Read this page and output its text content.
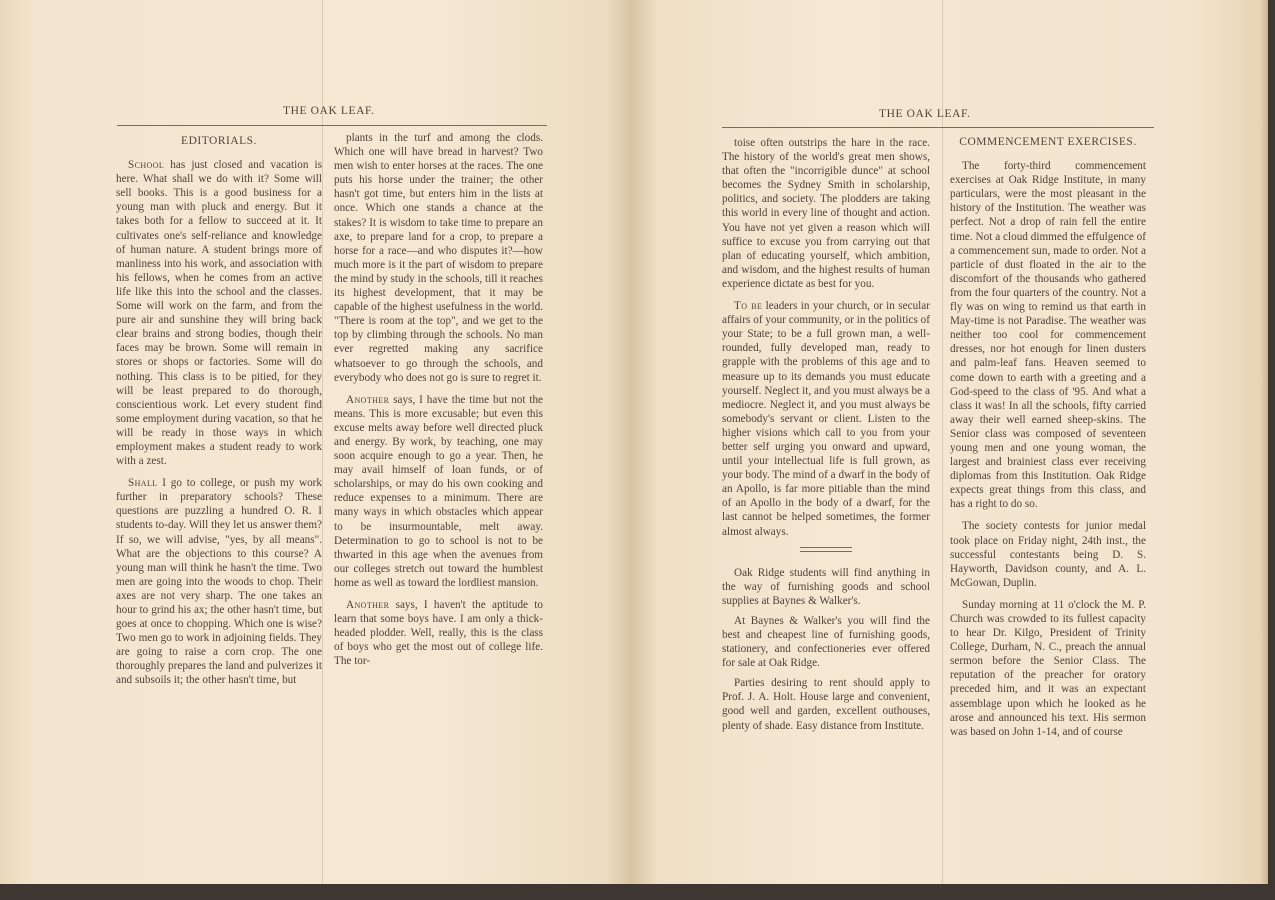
THE OAK LEAF.
EDITORIALS.

School has just closed and vacation is here. What shall we do with it? Some will sell books. This is a good business for a young man with pluck and energy. But it takes both for a fellow to succeed at it. It cultivates one's self-reliance and knowledge of human nature. A student brings more of manliness into his work, and association with his fellows, when he comes from an active life like this into the school and the classes. Some will work on the farm, and from the pure air and sunshine they will bring back clear brains and strong bodies, though their faces may be brown. Some will remain in stores or shops or factories. Some will do nothing. This class is to be pitied, for they will be least prepared to do thorough, conscientious work. Let every student find some employment during vacation, so that he will be ready in those ways in which employment makes a student ready to work with a zest.

Shall I go to college, or push my work further in preparatory schools? These questions are puzzling a hundred O. R. I students to-day. Will they let us answer them? If so, we will advise, "yes, by all means". What are the objections to this course? A young man will think he hasn't the time. Two men are going into the woods to chop. Their axes are not very sharp. The one takes an hour to grind his ax; the other hasn't time, but goes at once to chopping. Which one is wise? Two men go to work in adjoining fields. They are going to raise a corn crop. The one thoroughly prepares the land and pulverizes it and subsoils it; the other hasn't time, but

plants in the turf and among the clods. Which one will have bread in harvest? Two men wish to enter horses at the races. The one puts his horse under the trainer; the other hasn't got time, but enters him in the lists at once. Which one stands a chance at the stakes? It is wisdom to take time to prepare an axe, to prepare land for a crop, to prepare a horse for a race—and who disputes it?—how much more is it the part of wisdom to prepare the mind by study in the schools, till it reaches its highest development, that it may be capable of the highest usefulness in the world. "There is room at the top", and we get to the top by climbing through the schools. No man ever regretted making any sacrifice whatsoever to go through the schools, and everybody who does not go is sure to regret it.

Another says, I have the time but not the means. This is more excusable; but even this excuse melts away before well directed pluck and energy. By work, by teaching, one may soon acquire enough to go a year. Then, he may avail himself of loan funds, or of scholarships, or may do his own cooking and reduce expenses to a minimum. There are many ways in which obstacles which appear to be insurmountable, melt away. Determination to go to school is not to be thwarted in this age when the avenues from our colleges stretch out toward the humblest home as well as toward the lordliest mansion.

Another says, I haven't the aptitude to learn that some boys have. I am only a thick-headed plodder. Well, really, this is the class of boys who get the most out of college life. The tor-

THE OAK LEAF.

toise often outstrips the hare in the race. The history of the world's great men shows, that often the "incorrigible dunce" at school becomes the Sydney Smith in scholarship, politics, and society. The plodders are taking this world in every line of thought and action. You have not yet given a reason which will suffice to excuse you from carrying out that plan of educating yourself, which ambition, and wisdom, and the highest results of human experience dictate as best for you.

To be leaders in your church, or in secular affairs of your community, or in the politics of your State; to be a full grown man, a well-rounded, fully developed man, ready to grapple with the problems of this age and to measure up to its demands you must educate yourself. Neglect it, and you must always be a mediocre. Neglect it, and you must always be somebody's servant or client. Listen to the higher visions which call to you from your better self urging you onward and upward, until your intellectual life is full grown, as your body. The mind of a dwarf in the body of an Apollo, is far more pitiable than the mind of an Apollo in the body of a dwarf, for the last cannot be helped sometimes, the former almost always.

Oak Ridge students will find anything in the way of furnishing goods and school supplies at Baynes & Walker's.

At Baynes & Walker's you will find the best and cheapest line of furnishing goods, stationery, and confectioneries ever offered for sale at Oak Ridge.

Parties desiring to rent should apply to Prof. J. A. Holt. House large and convenient, good well and garden, excellent outhouses, plenty of shade. Easy distance from Institute.

COMMENCEMENT EXERCISES.

The forty-third commencement exercises at Oak Ridge Institute, in many particulars, were the most pleasant in the history of the Institution. The weather was perfect. Not a drop of rain fell the entire time. Not a cloud dimmed the effulgence of a commencement sun, made to order. Not a particle of dust floated in the air to the discomfort of the thousands who gathered from the four quarters of the country. Not a fly was on wing to remind us that earth in May-time is not Paradise. The weather was neither too cool for commencement dresses, nor hot enough for linen dusters and palm-leaf fans. Heaven seemed to come down to earth with a greeting and a God-speed to the class of '95. And what a class it was! In all the schools, fifty carried away their well earned sheep-skins. The Senior class was composed of seventeen young men and one young woman, the largest and brainiest class ever receiving diplomas from this Institution. Oak Ridge expects great things from this class, and has a right to do so.

The society contests for junior medal took place on Friday night, 24th inst., the successful contestants being D. S. Hayworth, Davidson county, and A. L. McGowan, Duplin.

Sunday morning at 11 o'clock the M. P. Church was crowded to its fullest capacity to hear Dr. Kilgo, President of Trinity College, Durham, N. C., preach the annual sermon before the Senior Class. The reputation of the preacher for oratory preceded him, and it was an expectant assemblage upon which he looked as he arose and announced his text. His sermon was based on John 1-14, and of course
